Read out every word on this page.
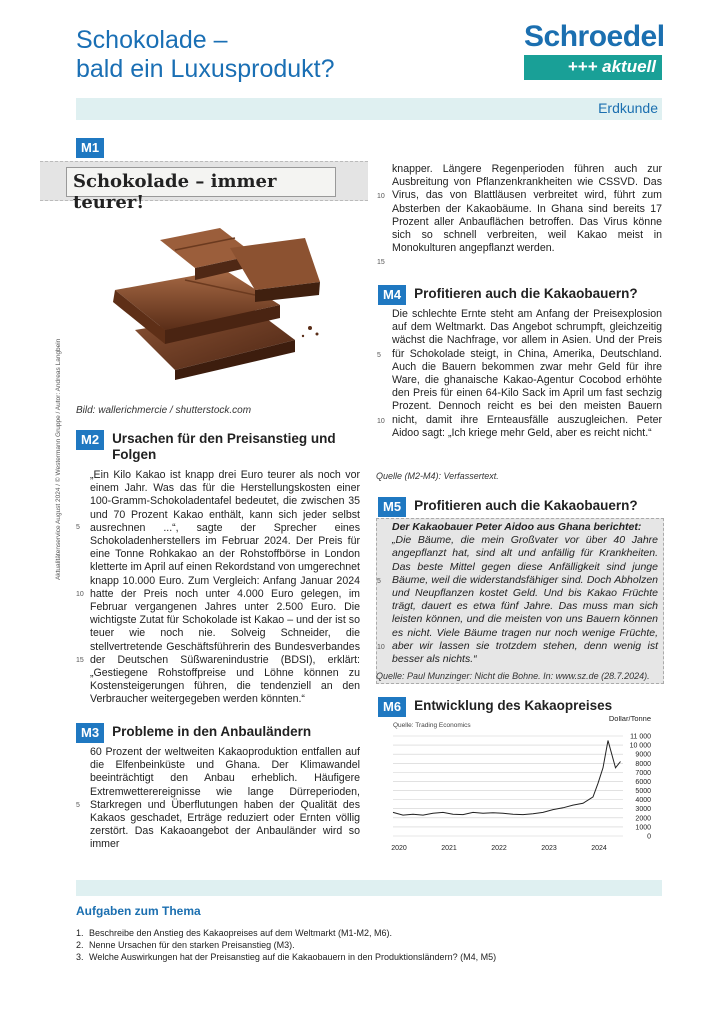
Schokolade –
bald ein Luxusprodukt?
Schroedel
+++ aktuell
Erdkunde
Aktualitätenservice August 2024 / © Westermann Gruppe / Autor: Andreas Langbein
M1
Schokolade – immer teurer!
Bild: wallerichmercie / shutterstock.com
M2 Ursachen für den Preisanstieg und Folgen
„Ein Kilo Kakao ist knapp drei Euro teurer als noch vor einem Jahr. Was das für die Herstellungskosten einer 100-Gramm-Schokoladentafel bedeutet, die zwischen 35 und 70 Prozent Kakao enthält, kann sich jeder selbst ausrechnen ...“, sagte der Sprecher eines Schokoladenherstellers im Februar 2024. Der Preis für eine Tonne Rohkakao an der Rohstoffbörse in London kletterte im April auf einen Rekordstand von umgerechnet knapp 10.000 Euro. Zum Vergleich: Anfang Januar 2024 hatte der Preis noch unter 4.000 Euro gelegen, im Februar vergangenen Jahres unter 2.500 Euro. Die wichtigste Zutat für Schokolade ist Kakao – und der ist so teuer wie noch nie. Solveig Schneider, die stellvertretende Geschäftsführerin des Bundesverbandes der Deutschen Süßwarenindustrie (BDSI), erklärt: „Gestiegene Rohstoffpreise und Löhne können zu Kostensteigerungen führen, die tendenziell an den Verbraucher weitergegeben werden könnten.“
M3 Probleme in den Anbauländern
60 Prozent der weltweiten Kakaoproduktion entfallen auf die Elfenbeinküste und Ghana. Der Klimawandel beeinträchtigt den Anbau erheblich. Häufigere Extremwetterereignisse wie lange Dürreperioden, Starkregen und Überflutungen haben der Qualität des Kakaos geschadet, Erträge reduziert oder Ernten völlig zerstört. Das Kakaoangebot der Anbauländer wird so immer
knapper. Längere Regenperioden führen auch zur Ausbreitung von Pflanzenkrankheiten wie CSSVD. Das Virus, das von Blattläusen verbreitet wird, führt zum Absterben der Kakaobäume. In Ghana sind bereits 17 Prozent aller Anbauflächen betroffen. Das Virus könne sich so schnell verbreiten, weil Kakao meist in Monokulturen angepflanzt werden.
M4 Profitieren auch die Kakaobauern?
Die schlechte Ernte steht am Anfang der Preisexplosion auf dem Weltmarkt. Das Angebot schrumpft, gleichzeitig wächst die Nachfrage, vor allem in Asien. Und der Preis für Schokolade steigt, in China, Amerika, Deutschland. Auch die Bauern bekommen zwar mehr Geld für ihre Ware, die ghanaische Kakao-Agentur Cocobod erhöhte den Preis für einen 64-Kilo Sack im April um fast sechzig Prozent. Dennoch reicht es bei den meisten Bauern nicht, damit ihre Ernteausfälle auszugleichen. Peter Aidoo sagt: „Ich kriege mehr Geld, aber es reicht nicht.“
Quelle (M2-M4): Verfassertext.
M5 Profitieren auch die Kakaobauern?
Der Kakaobauer Peter Aidoo aus Ghana berichtet:
„Die Bäume, die mein Großvater vor über 40 Jahre angepflanzt hat, sind alt und anfällig für Krankheiten. Das beste Mittel gegen diese Anfälligkeit sind junge Bäume, weil die widerstandsfähiger sind. Doch Abholzen und Neupflanzen kostet Geld. Und bis Kakao Früchte trägt, dauert es etwa fünf Jahre. Das muss man sich leisten können, und die meisten von uns Bauern können es nicht. Viele Bäume tragen nur noch wenige Früchte, aber wir lassen sie trotzdem stehen, denn wenig ist besser als nichts.“
Quelle: Paul Munzinger: Nicht die Bohne. In: www.sz.de (28.7.2024).
M6 Entwicklung des Kakaopreises
Quelle: Trading Economics
Dollar/Tonne
0
1000
2000
3000
4000
5000
6000
7000
8000
9000
10 000
11 000
2020	2021	2022	2023	2024
5
10
15
5
10
15
5
10
5
10
Aufgaben zum Thema
1. Beschreibe den Anstieg des Kakaopreises auf dem Weltmarkt (M1-M2, M6).
2. Nenne Ursachen für den starken Preisanstieg (M3).
3. Welche Auswirkungen hat der Preisanstieg auf die Kakaobauern in den Produktionsländern? (M4, M5)
